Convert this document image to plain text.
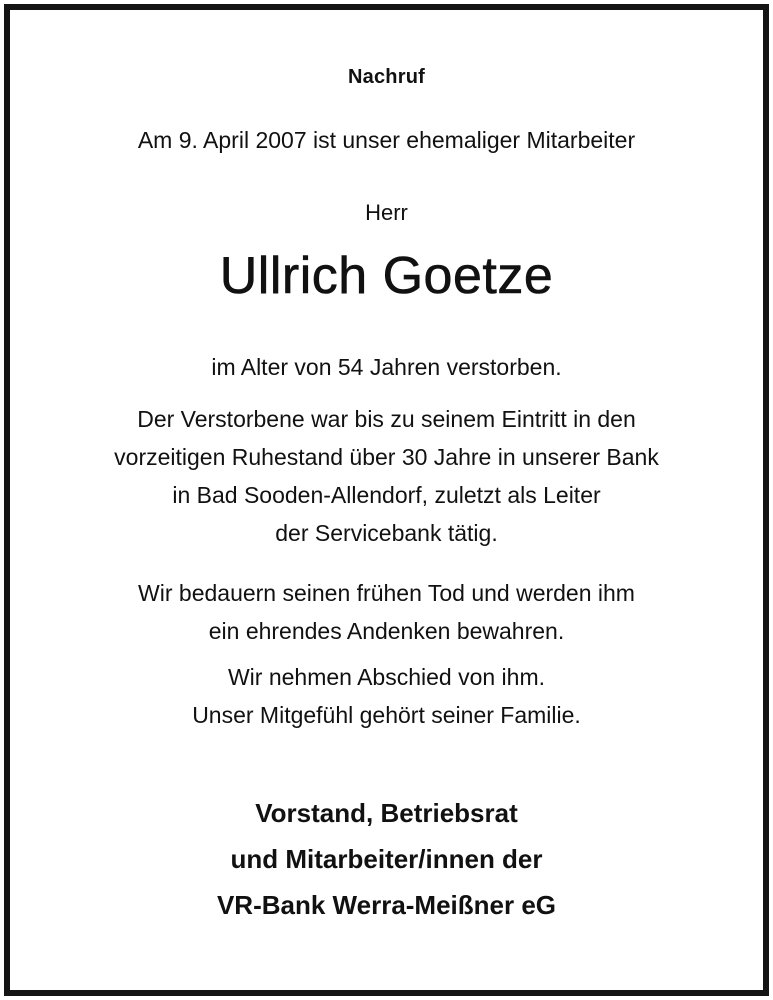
Nachruf
Am 9. April 2007 ist unser ehemaliger Mitarbeiter
Herr
Ullrich Goetze
im Alter von 54 Jahren verstorben.
Der Verstorbene war bis zu seinem Eintritt in den
vorzeitigen Ruhestand über 30 Jahre in unserer Bank
in Bad Sooden-Allendorf, zuletzt als Leiter
der Servicebank tätig.
Wir bedauern seinen frühen Tod und werden ihm
ein ehrendes Andenken bewahren.
Wir nehmen Abschied von ihm.
Unser Mitgefühl gehört seiner Familie.
Vorstand, Betriebsrat
und Mitarbeiter/innen der
VR-Bank Werra-Meißner eG
